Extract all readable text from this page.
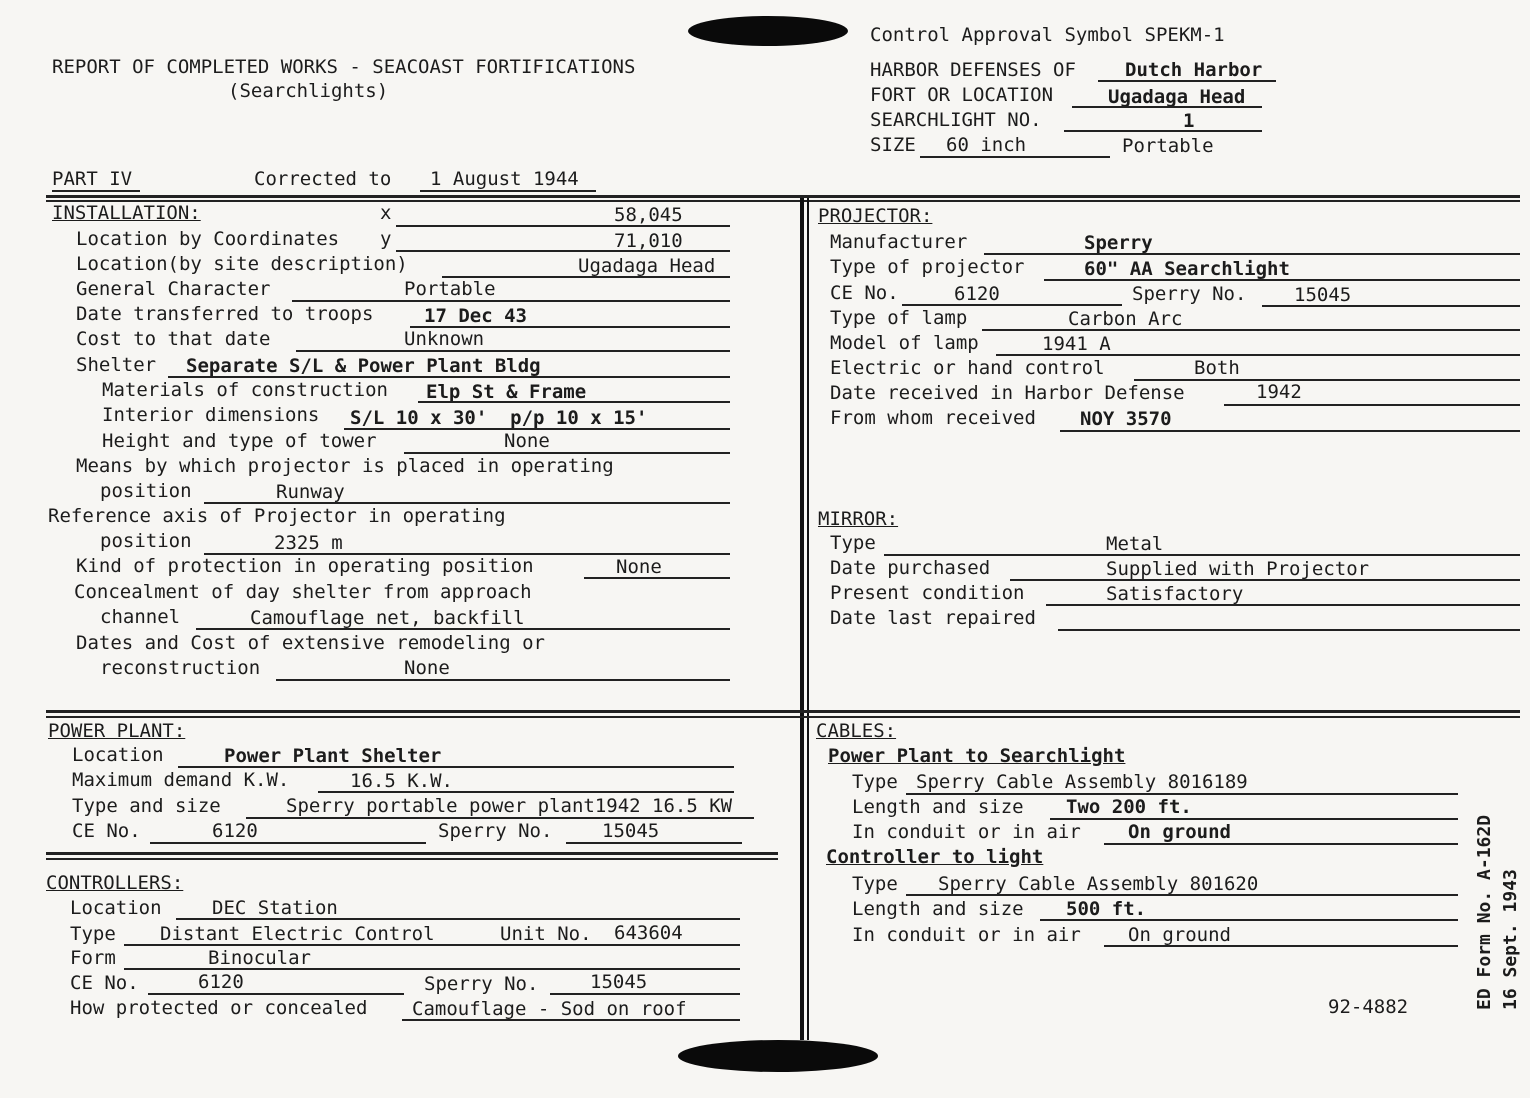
REPORT OF COMPLETED WORKS - SEACOAST FORTIFICATIONS
(Searchlights)
Control Approval Symbol SPEKM-1
HARBOR DEFENSES OF	Dutch Harbor
FORT OR LOCATION	Ugadaga Head
SEARCHLIGHT NO.	1
SIZE 60 inch	Portable
PART IV	Corrected to 1 August 1944
INSTALLATION:	x	58,045
Location by Coordinates y	71,010
Location(by site description)	Ugadaga Head
General Character	Portable
Date transferred to troops	17 Dec 43
Cost to that date	Unknown
Shelter Separate S/L & Power Plant Bldg
Materials of construction Elp St & Frame
Interior dimensions S/L 10 x 30'  p/p 10 x 15'
Height and type of tower	None
Means by which projector is placed in operating
position	Runway
Reference axis of Projector in operating
position	2325 m
Kind of protection in operating position	None
Concealment of day shelter from approach
channel	Camouflage net, backfill
Dates and Cost of extensive remodeling or
reconstruction	None
PROJECTOR:
Manufacturer	Sperry
Type of projector	60" AA Searchlight
CE No.	6120	Sperry No.	15045
Type of lamp	Carbon Arc
Model of lamp	1941 A
Electric or hand control	Both
Date received in Harbor Defense	1942
From whom received NOY 3570
MIRROR:
Type	Metal
Date purchased	Supplied with Projector
Present condition	Satisfactory
Date last repaired
POWER PLANT:
Location	Power Plant Shelter
Maximum demand K.W.	16.5 K.W.
Type and size	Sperry portable power plant1942 16.5 KW
CE No.	6120	Sperry No.	15045
CONTROLLERS:
Location	DEC Station
Type Distant Electric Control	Unit No. 643604
Form	Binocular
CE No.	6120	Sperry No.	15045
How protected or concealed Camouflage - Sod on roof
CABLES:
Power Plant to Searchlight
Type Sperry Cable Assembly 8016189
Length and size Two 200 ft.
In conduit or in air On ground
Controller to light
Type Sperry Cable Assembly 801620
Length and size 500 ft.
In conduit or in air On ground
92-4882	ED Form No. A-162D 16 Sept. 1943
